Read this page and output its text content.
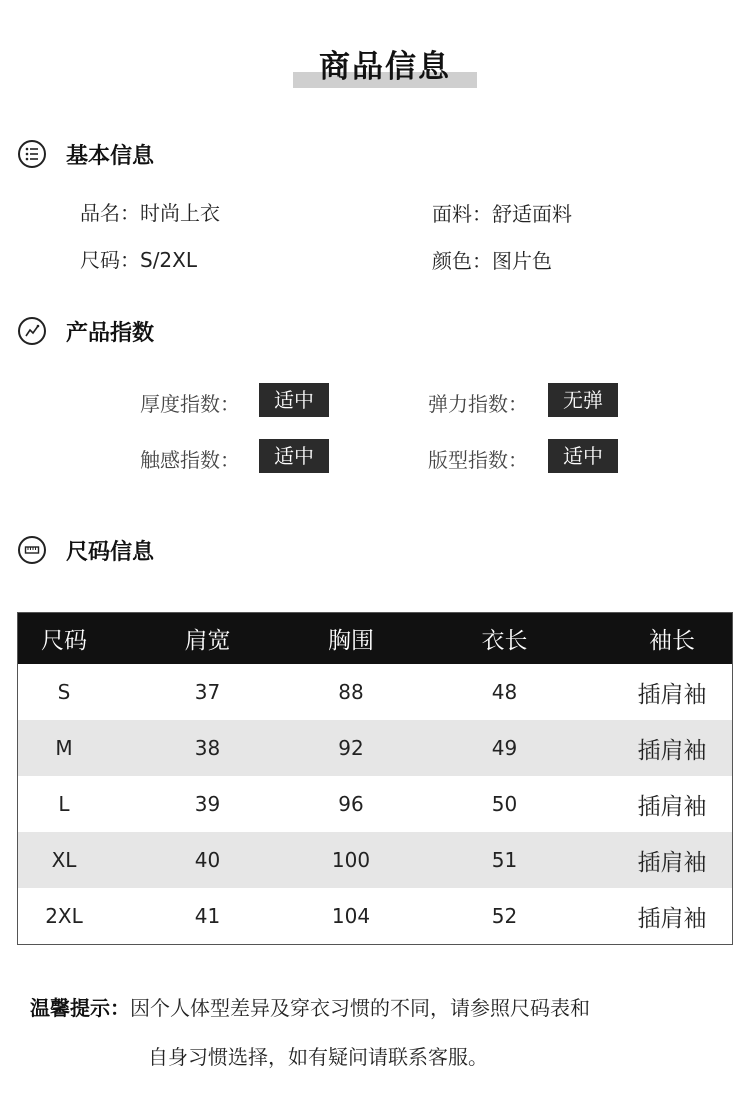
商品信息
基本信息
品名：时尚上衣	面料：舒适面料
尺码：S/2XL	颜色：图片色
产品指数
厚度指数：	适中	弹力指数：	无弹
触感指数：	适中	版型指数：	适中
尺码信息
尺码	肩宽	胸围	衣长	袖长
S	37	88	48	插肩袖
M	38	92	49	插肩袖
L	39	96	50	插肩袖
XL	40	100	51	插肩袖
2XL	41	104	52	插肩袖
温馨提示：因个人体型差异及穿衣习惯的不同，请参照尺码表和
自身习惯选择，如有疑问请联系客服。
